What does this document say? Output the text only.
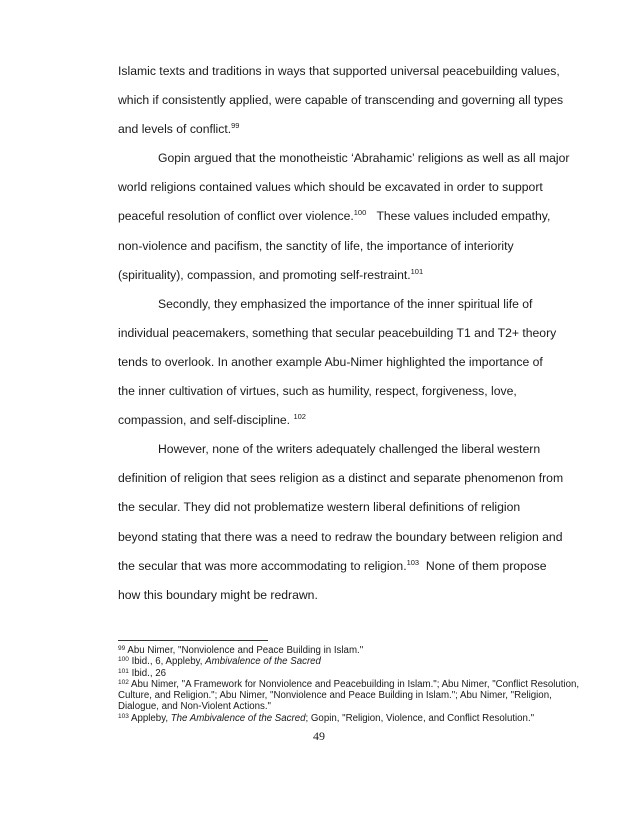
Islamic texts and traditions in ways that supported universal peacebuilding values,
which if consistently applied, were capable of transcending and governing all types
and levels of conflict.$^{99}$
Gopin argued that the monotheistic ‘Abrahamic’ religions as well as all major
world religions contained values which should be excavated in order to support
peaceful resolution of conflict over violence.$^{100}$ These values included empathy,
non-violence and pacifism, the sanctity of life, the importance of interiority
(spirituality), compassion, and promoting self-restraint.$^{101}$
Secondly, they emphasized the importance of the inner spiritual life of
individual peacemakers, something that secular peacebuilding T1 and T2+ theory
tends to overlook. In another example Abu-Nimer highlighted the importance of
the inner cultivation of virtues, such as humility, respect, forgiveness, love,
compassion, and self-discipline. $^{102}$
However, none of the writers adequately challenged the liberal western
definition of religion that sees religion as a distinct and separate phenomenon from
the secular. They did not problematize western liberal definitions of religion
beyond stating that there was a need to redraw the boundary between religion and
the secular that was more accommodating to religion.$^{103}$ None of them propose
how this boundary might be redrawn.
$^{99}$ Abu Nimer, "Nonviolence and Peace Building in Islam."
$^{100}$ Ibid., 6, Appleby, Ambivalence of the Sacred
$^{101}$ Ibid., 26
$^{102}$ Abu Nimer, "A Framework for Nonviolence and Peacebuilding in Islam."; Abu Nimer, "Conflict Resolution, Culture, and Religion."; Abu Nimer, "Nonviolence and Peace Building in Islam."; Abu Nimer, "Religion, Dialogue, and Non-Violent Actions."
$^{103}$ Appleby, The Ambivalence of the Sacred; Gopin, "Religion, Violence, and Conflict Resolution."
49
